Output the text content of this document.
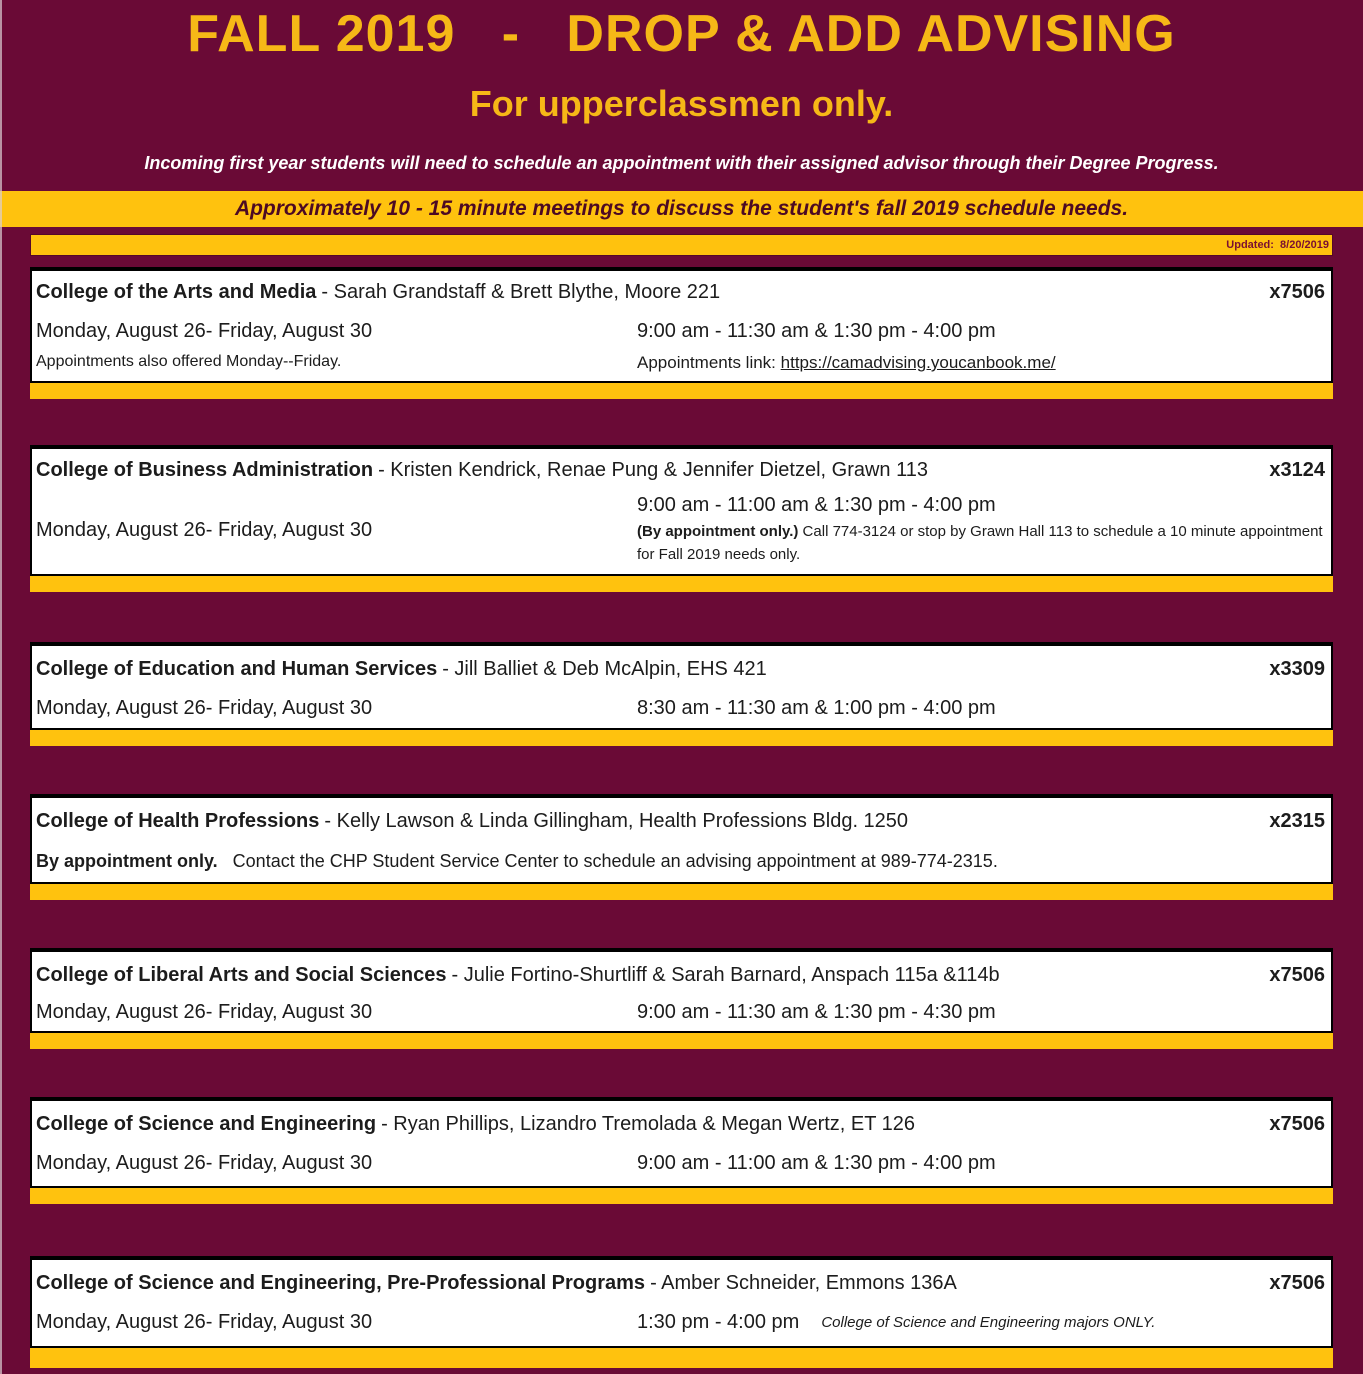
FALL 2019   -   DROP & ADD ADVISING
For upperclassmen only.
Incoming first year students will need to schedule an appointment with their assigned advisor through their Degree Progress.
Approximately 10 - 15 minute meetings to discuss the student's fall 2019 schedule needs.
Updated:  8/20/2019
College of the Arts and Media - Sarah Grandstaff & Brett Blythe, Moore 221	x7506
Monday, August 26- Friday, August 30	9:00 am - 11:30 am & 1:30 pm - 4:00 pm
Appointments also offered Monday--Friday.	Appointments link: https://camadvising.youcanbook.me/
College of Business Administration - Kristen Kendrick, Renae Pung & Jennifer Dietzel, Grawn 113	x3124
Monday, August 26- Friday, August 30
9:00 am - 11:00 am & 1:30 pm - 4:00 pm

(By appointment only.) Call 774-3124 or stop by Grawn Hall 113 to schedule a 10 minute appointment for Fall 2019 needs only.

College of Education and Human Services - Jill Balliet & Deb McAlpin, EHS 421	x3309
Monday, August 26- Friday, August 30	8:30 am - 11:30 am & 1:00 pm - 4:00 pm
College of Health Professions - Kelly Lawson & Linda Gillingham, Health Professions Bldg. 1250	x2315
By appointment only. Contact the CHP Student Service Center to schedule an advising appointment at 989-774-2315.
College of Liberal Arts and Social Sciences - Julie Fortino-Shurtliff & Sarah Barnard, Anspach 115a &114b	x7506
Monday, August 26- Friday, August 30	9:00 am - 11:30 am & 1:30 pm - 4:30 pm
College of Science and Engineering - Ryan Phillips, Lizandro Tremolada & Megan Wertz, ET 126	x7506
Monday, August 26- Friday, August 30	9:00 am - 11:00 am & 1:30 pm - 4:00 pm
College of Science and Engineering, Pre-Professional Programs - Amber Schneider, Emmons 136A	x7506
Monday, August 26- Friday, August 30	1:30 pm - 4:00 pm College of Science and Engineering majors ONLY.
